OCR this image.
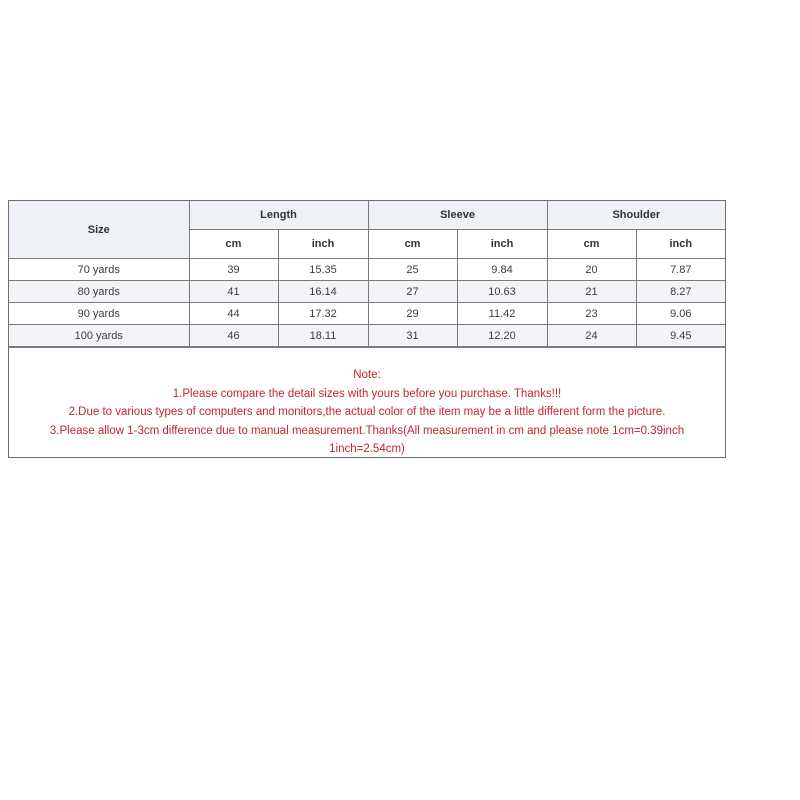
Size	Length		Sleeve		Shoulder	
	cm	inch	cm	inch	cm	inch
70 yards	39	15.35	25	9.84	20	7.87
80 yards	41	16.14	27	10.63	21	8.27
90 yards	44	17.32	29	11.42	23	9.06
100 yards	46	18.11	31	12.20	24	9.45
Note:
1.Please compare the detail sizes with yours before you purchase. Thanks!!!
2.Due to various types of computers and monitors,the actual color of the item may be a little different form the picture.
3.Please allow 1-3cm difference due to manual measurement.Thanks(All measurement in cm and please note 1cm=0.39inch
1inch=2.54cm)
